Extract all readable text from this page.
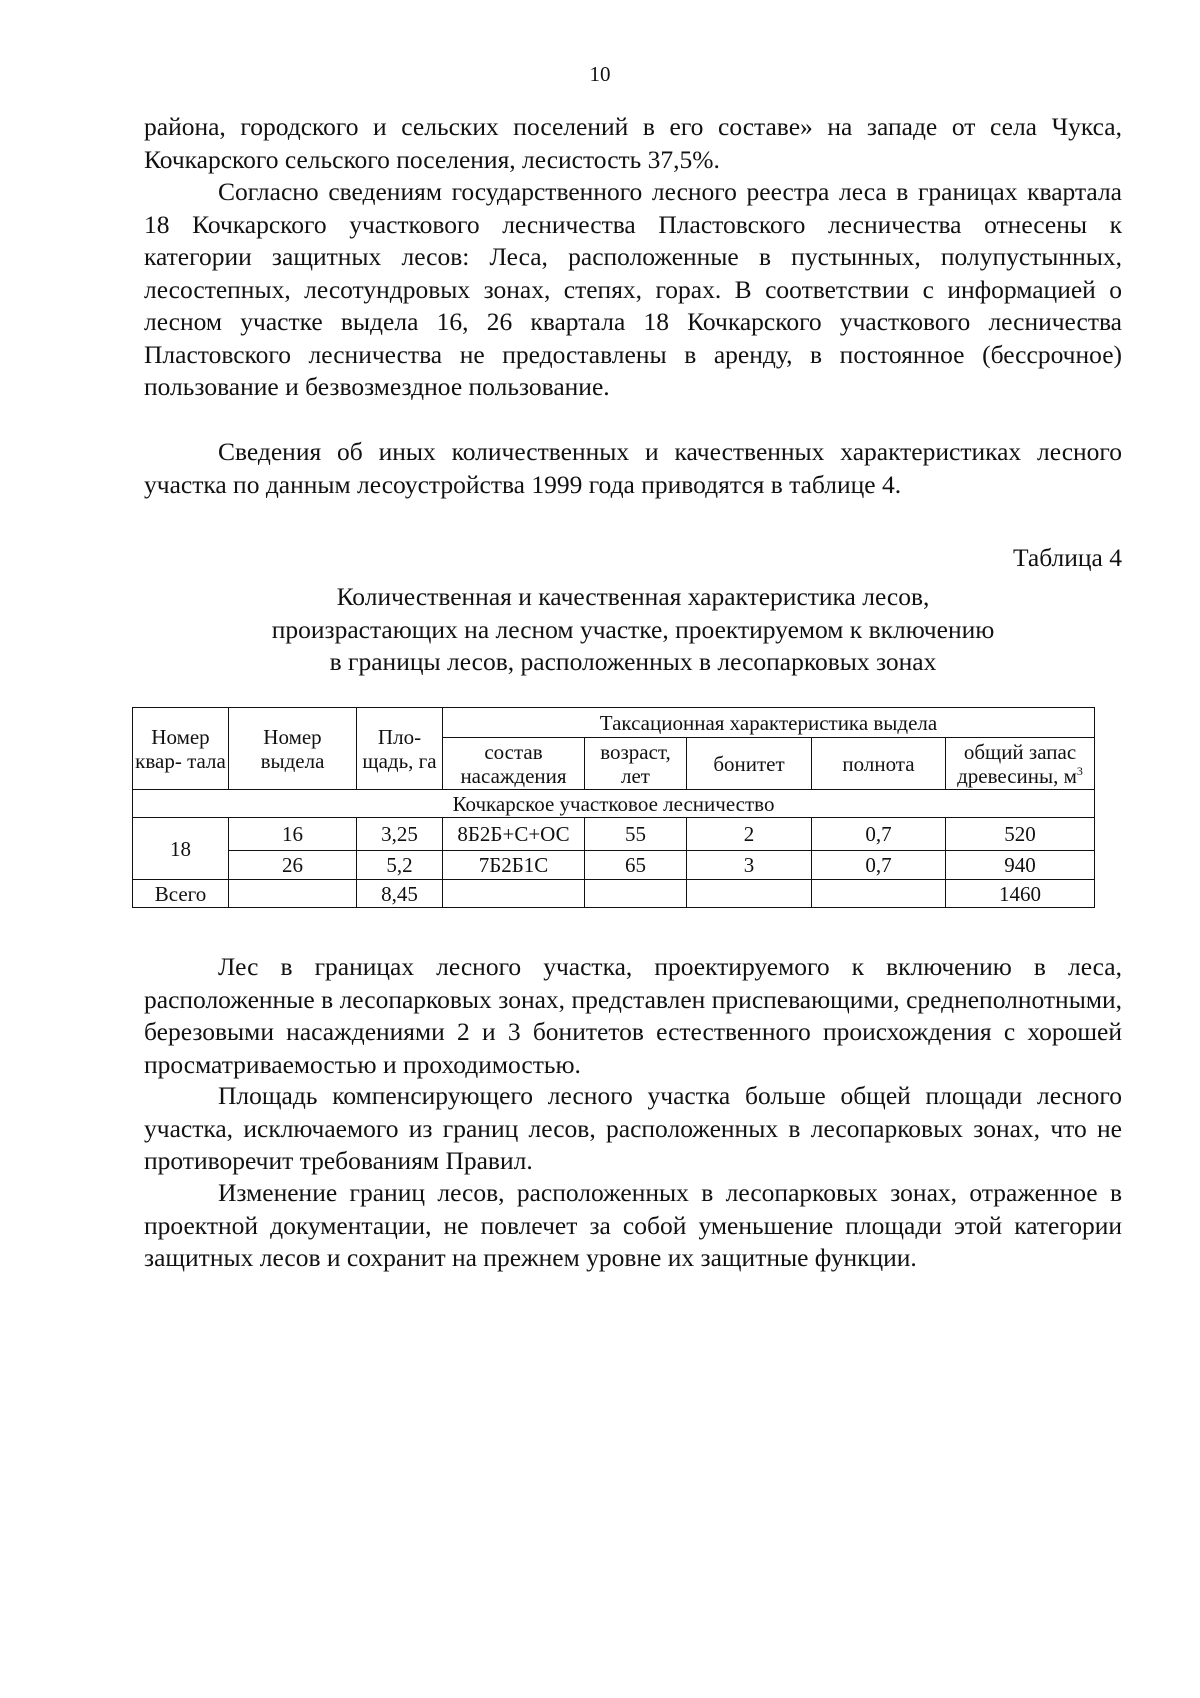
10

района, городского и сельских поселений в его составе» на западе от села Чукса, Кочкарского сельского поселения, лесистость 37,5%.

Согласно сведениям государственного лесного реестра леса в границах квартала 18 Кочкарского участкового лесничества Пластовского лесничества отнесены к категории защитных лесов: Леса, расположенные в пустынных, полупустынных, лесостепных, лесотундровых зонах, степях, горах. В соответствии с информацией о лесном участке выдела 16, 26 квартала 18 Кочкарского участкового лесничества Пластовского лесничества не предоставлены в аренду, в постоянное (бессрочное) пользование и безвозмездное пользование.

Сведения об иных количественных и качественных характеристиках лесного участка по данным лесоустройства 1999 года приводятся в таблице 4.

Таблица 4
Количественная и качественная характеристика лесов,
произрастающих на лесном участке, проектируемом к включению
в границы лесов, расположенных в лесопарковых зонах
Номер квар- тала	Номер выдела	Пло- щадь, га	Таксационная характеристика выдела				
			состав насаждения	возраст, лет	бонитет	полнота	общий запас древесины, $м^3$
Кочкарское участковое лесничество							
18	16	3,25	8Б2Б+С+ОС	55	2	0,7	520
	26	5,2	7Б2Б1С	65	3	0,7	940
Всего		8,45					1460

Лес в границах лесного участка, проектируемого к включению в леса, расположенные в лесопарковых зонах, представлен приспевающими, среднеполнотными, березовыми насаждениями 2 и 3 бонитетов естественного происхождения с хорошей просматриваемостью и проходимостью.

Площадь компенсирующего лесного участка больше общей площади лесного участка, исключаемого из границ лесов, расположенных в лесопарковых зонах, что не противоречит требованиям Правил.

Изменение границ лесов, расположенных в лесопарковых зонах, отраженное в проектной документации, не повлечет за собой уменьшение площади этой категории защитных лесов и сохранит на прежнем уровне их защитные функции.
